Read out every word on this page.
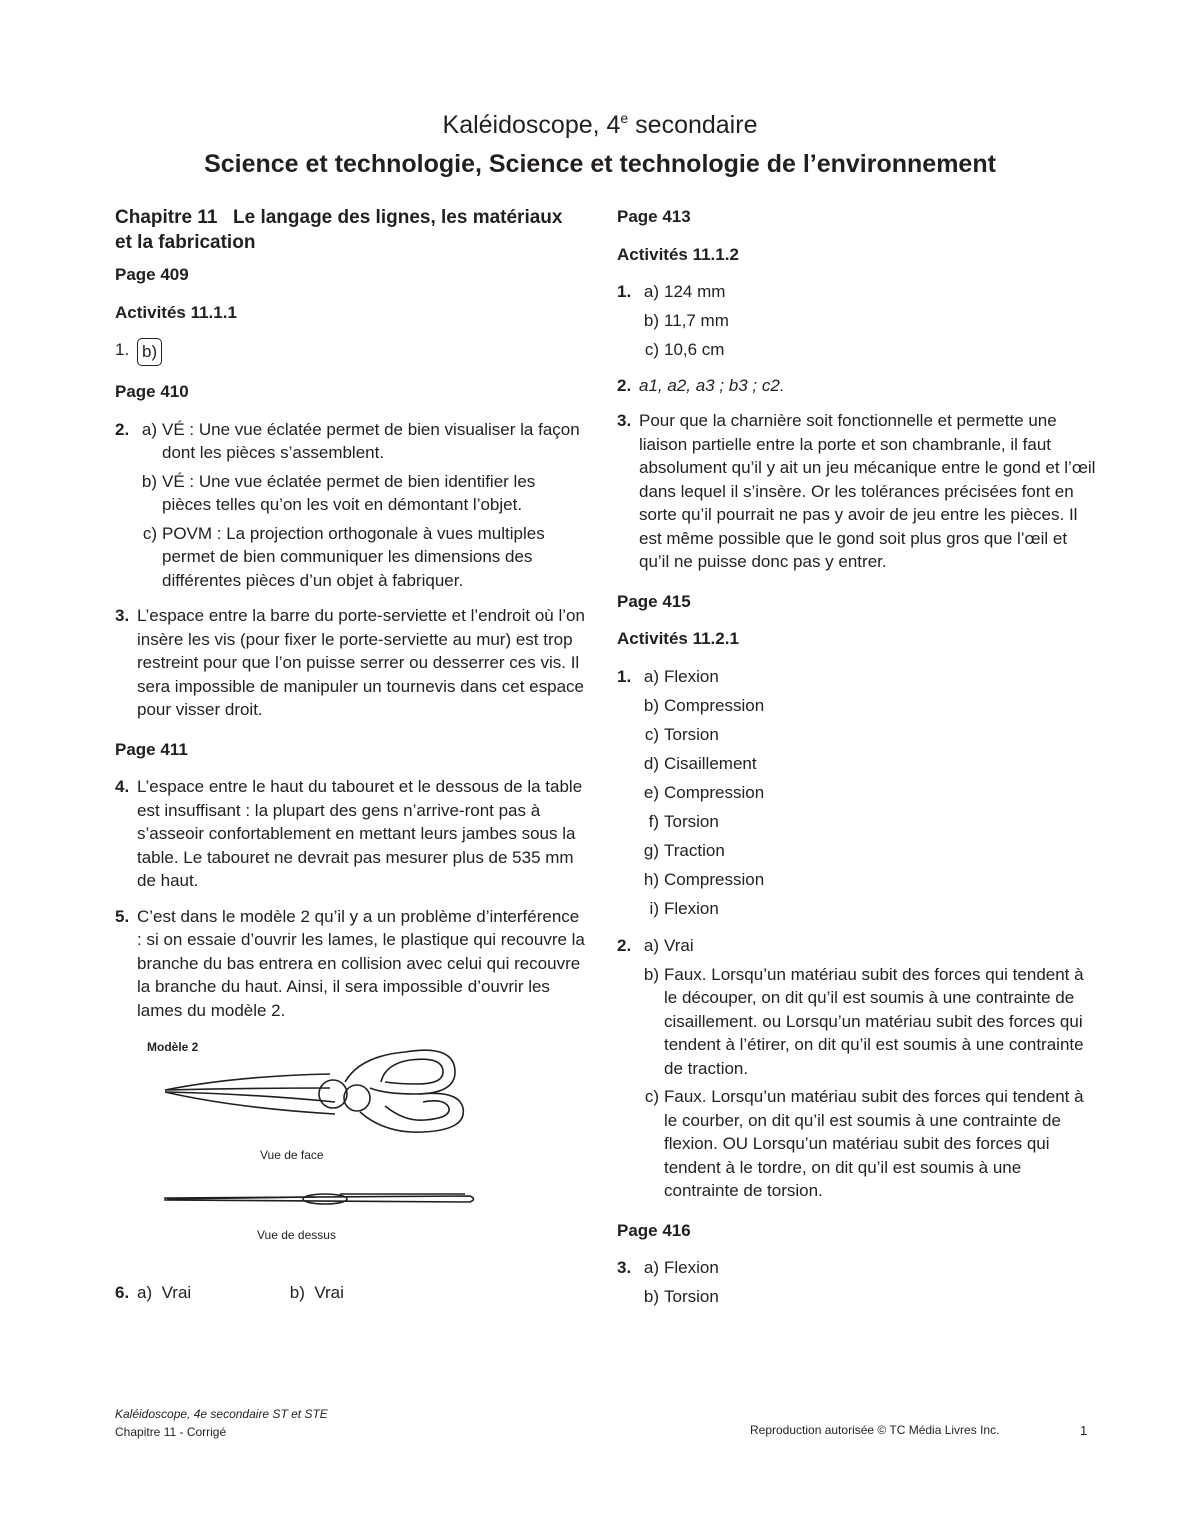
Kaléidoscope, 4e secondaire
Science et technologie, Science et technologie de l’environnement
Chapitre 11 Le langage des lignes, les matériaux
et la fabrication
Page 409
Activités 11.1.1
1. b)
Page 410
2. a) VÉ : Une vue éclatée permet de bien visualiser la façon dont les pièces s’assemblent.
b) VÉ : Une vue éclatée permet de bien identifier les pièces telles qu’on les voit en démontant l’objet.
c) POVM : La projection orthogonale à vues multiples permet de bien communiquer les dimensions des différentes pièces d’un objet à fabriquer.
3. L’espace entre la barre du porte-serviette et l’endroit où l’on insère les vis (pour fixer le porte-serviette au mur) est trop restreint pour que l’on puisse serrer ou desserrer ces vis. Il sera impossible de manipuler un tournevis dans cet espace pour visser droit.
Page 411
4. L’espace entre le haut du tabouret et le dessous de la table est insuffisant : la plupart des gens n’arrive-ront pas à s’asseoir confortablement en mettant leurs jambes sous la table. Le tabouret ne devrait pas mesurer plus de 535 mm de haut.
5. C’est dans le modèle 2 qu’il y a un problème d’interférence : si on essaie d’ouvrir les lames, le plastique qui recouvre la branche du bas entrera en collision avec celui qui recouvre la branche du haut. Ainsi, il sera impossible d’ouvrir les lames du modèle 2.
Modèle 2
Vue de face
Vue de dessus
6. a) Vrai	b) Vrai
Page 413
Activités 11.1.2
1. a) 124 mm
b) 11,7 mm
c) 10,6 cm
2. a1, a2, a3 ; b3 ; c2.
3. Pour que la charnière soit fonctionnelle et permette une liaison partielle entre la porte et son chambranle, il faut absolument qu’il y ait un jeu mécanique entre le gond et l’œil dans lequel il s’insère. Or les tolérances précisées font en sorte qu’il pourrait ne pas y avoir de jeu entre les pièces. Il est même possible que le gond soit plus gros que l’œil et qu’il ne puisse donc pas y entrer.
Page 415
Activités 11.2.1
1. a) Flexion
b) Compression
c) Torsion
d) Cisaillement
e) Compression
f) Torsion
g) Traction
h) Compression
i) Flexion
2. a) Vrai
b) Faux. Lorsqu’un matériau subit des forces qui tendent à le découper, on dit qu’il est soumis à une contrainte de cisaillement. ou Lorsqu’un matériau subit des forces qui tendent à l’étirer, on dit qu’il est soumis à une contrainte de traction.
c) Faux. Lorsqu’un matériau subit des forces qui tendent à le courber, on dit qu’il est soumis à une contrainte de flexion. OU Lorsqu’un matériau subit des forces qui tendent à le tordre, on dit qu’il est soumis à une contrainte de torsion.
Page 416
3. a) Flexion
b) Torsion
Kaléidoscope, 4e secondaire ST et STE
Chapitre 11 - Corrigé	Reproduction autorisée © TC Média Livres Inc.	1
